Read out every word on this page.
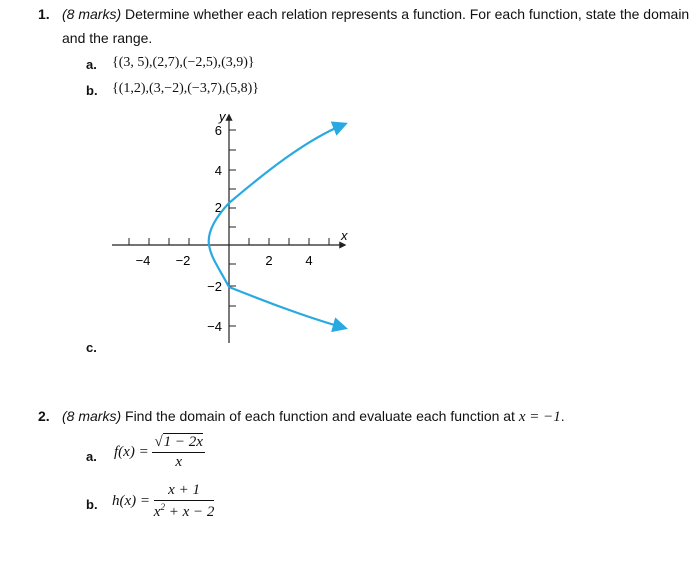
1. (8 marks) Determine whether each relation represents a function. For each function, state the domain
and the range.
a. {(3, 5),(2,7),(−2,5),(3,9)}
b. {(1,2),(3,−2),(−3,7),(5,8)}
−4 −2	2	4
6
4
2
−2
−4
x
y
c.
2. (8 marks) Find the domain of each function and evaluate each function at x = −1.
a. $f(x) = \frac{√1 - 2x}{x}$
b. $h(x) = \frac{x + 1}{x^2 + x - 2}$
